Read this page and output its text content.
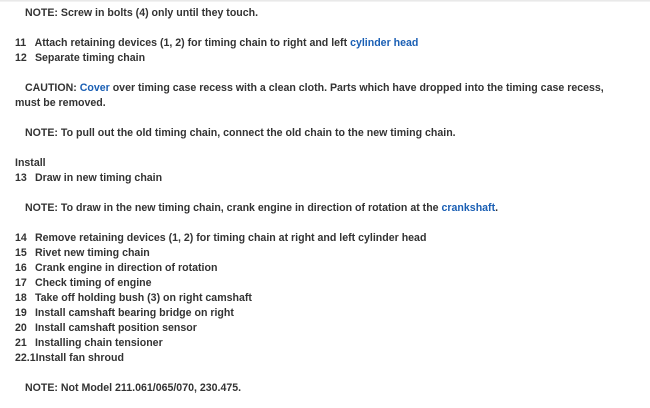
NOTE: Screw in bolts (4) only until they touch.
11 Attach retaining devices (1, 2) for timing chain to right and left cylinder head
12 Separate timing chain
CAUTION: Cover over timing case recess with a clean cloth. Parts which have dropped into the timing case recess, must be removed.
NOTE: To pull out the old timing chain, connect the old chain to the new timing chain.
Install
13 Draw in new timing chain
NOTE: To draw in the new timing chain, crank engine in direction of rotation at the crankshaft.
14 Remove retaining devices (1, 2) for timing chain at right and left cylinder head
15 Rivet new timing chain
16 Crank engine in direction of rotation
17 Check timing of engine
18 Take off holding bush (3) on right camshaft
19 Install camshaft bearing bridge on right
20 Install camshaft position sensor
21 Installing chain tensioner
22.1Install fan shroud
NOTE: Not Model 211.061/065/070, 230.475.
